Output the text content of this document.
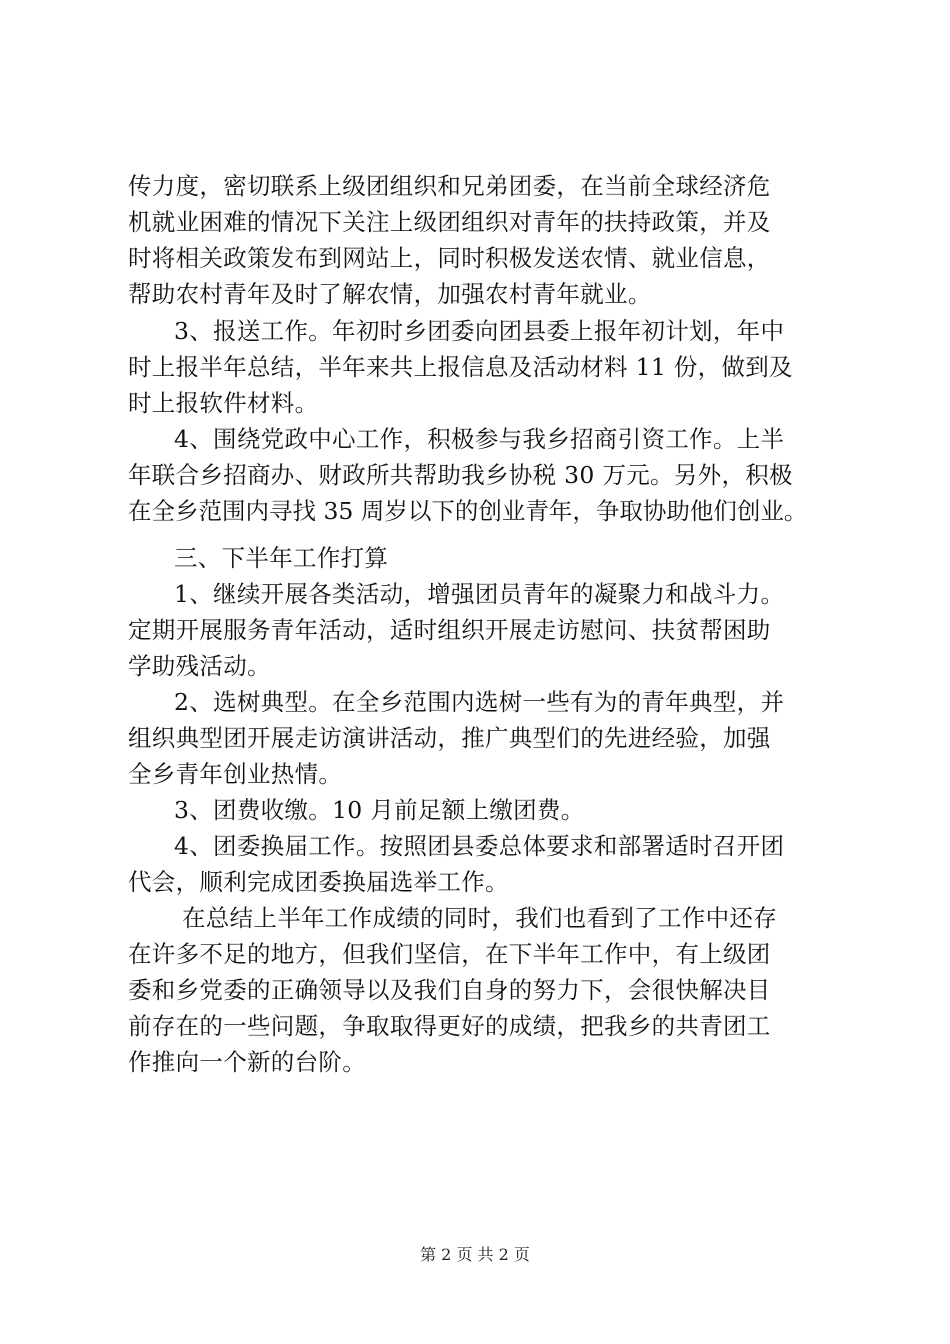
传力度，密切联系上级团组织和兄弟团委，在当前全球经济危
机就业困难的情况下关注上级团组织对青年的扶持政策，并及
时将相关政策发布到网站上，同时积极发送农情、就业信息，
帮助农村青年及时了解农情，加强农村青年就业。
3、报送工作。年初时乡团委向团县委上报年初计划，年中
时上报半年总结，半年来共上报信息及活动材料 11 份，做到及
时上报软件材料。
4、围绕党政中心工作，积极参与我乡招商引资工作。上半
年联合乡招商办、财政所共帮助我乡协税 30 万元。另外，积极
在全乡范围内寻找 35 周岁以下的创业青年，争取协助他们创业。
三、下半年工作打算
1、继续开展各类活动，增强团员青年的凝聚力和战斗力。
定期开展服务青年活动，适时组织开展走访慰问、扶贫帮困助
学助残活动。
2、选树典型。在全乡范围内选树一些有为的青年典型，并
组织典型团开展走访演讲活动，推广典型们的先进经验，加强
全乡青年创业热情。
3、团费收缴。10 月前足额上缴团费。
4、团委换届工作。按照团县委总体要求和部署适时召开团
代会，顺利完成团委换届选举工作。
在总结上半年工作成绩的同时，我们也看到了工作中还存
在许多不足的地方，但我们坚信，在下半年工作中，有上级团
委和乡党委的正确领导以及我们自身的努力下，会很快解决目
前存在的一些问题，争取取得更好的成绩，把我乡的共青团工
作推向一个新的台阶。
第 2 页 共 2 页
